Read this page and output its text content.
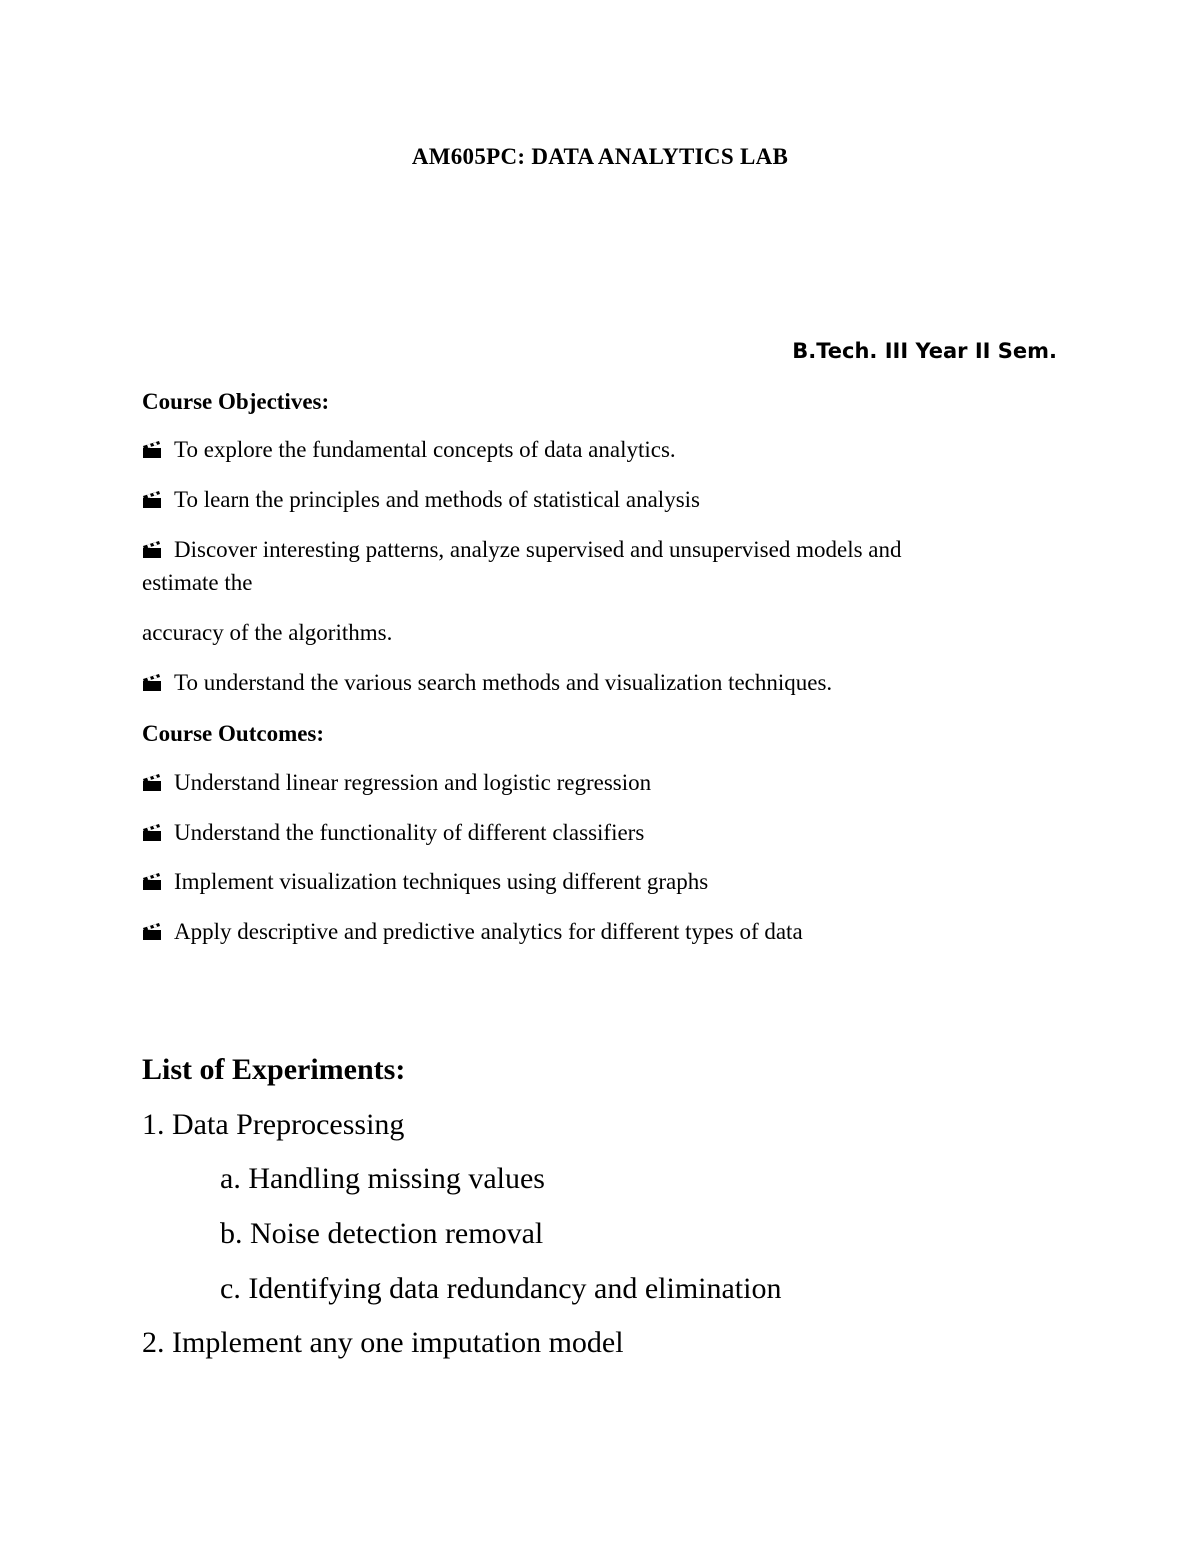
AM605PC: DATA ANALYTICS LAB
B.Tech. III Year II Sem.
Course Objectives:
To explore the fundamental concepts of data analytics.
To learn the principles and methods of statistical analysis
Discover interesting patterns, analyze supervised and unsupervised models and
estimate the
accuracy of the algorithms.
To understand the various search methods and visualization techniques.
Course Outcomes:
Understand linear regression and logistic regression
Understand the functionality of different classifiers
Implement visualization techniques using different graphs
Apply descriptive and predictive analytics for different types of data
List of Experiments:
1. Data Preprocessing
a. Handling missing values
b. Noise detection removal
c. Identifying data redundancy and elimination
2. Implement any one imputation model
